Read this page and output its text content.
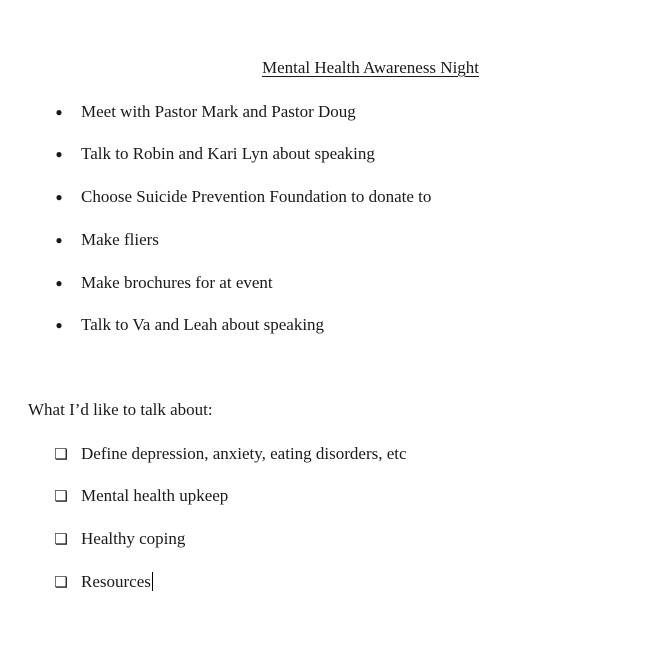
Mental Health Awareness Night
● Meet with Pastor Mark and Pastor Doug
● Talk to Robin and Kari Lyn about speaking
● Choose Suicide Prevention Foundation to donate to
● Make fliers
● Make brochures for at event
● Talk to Va and Leah about speaking
What I’d like to talk about:
❏ Define depression, anxiety, eating disorders, etc
❏ Mental health upkeep
❏ Healthy coping
❏ Resources
